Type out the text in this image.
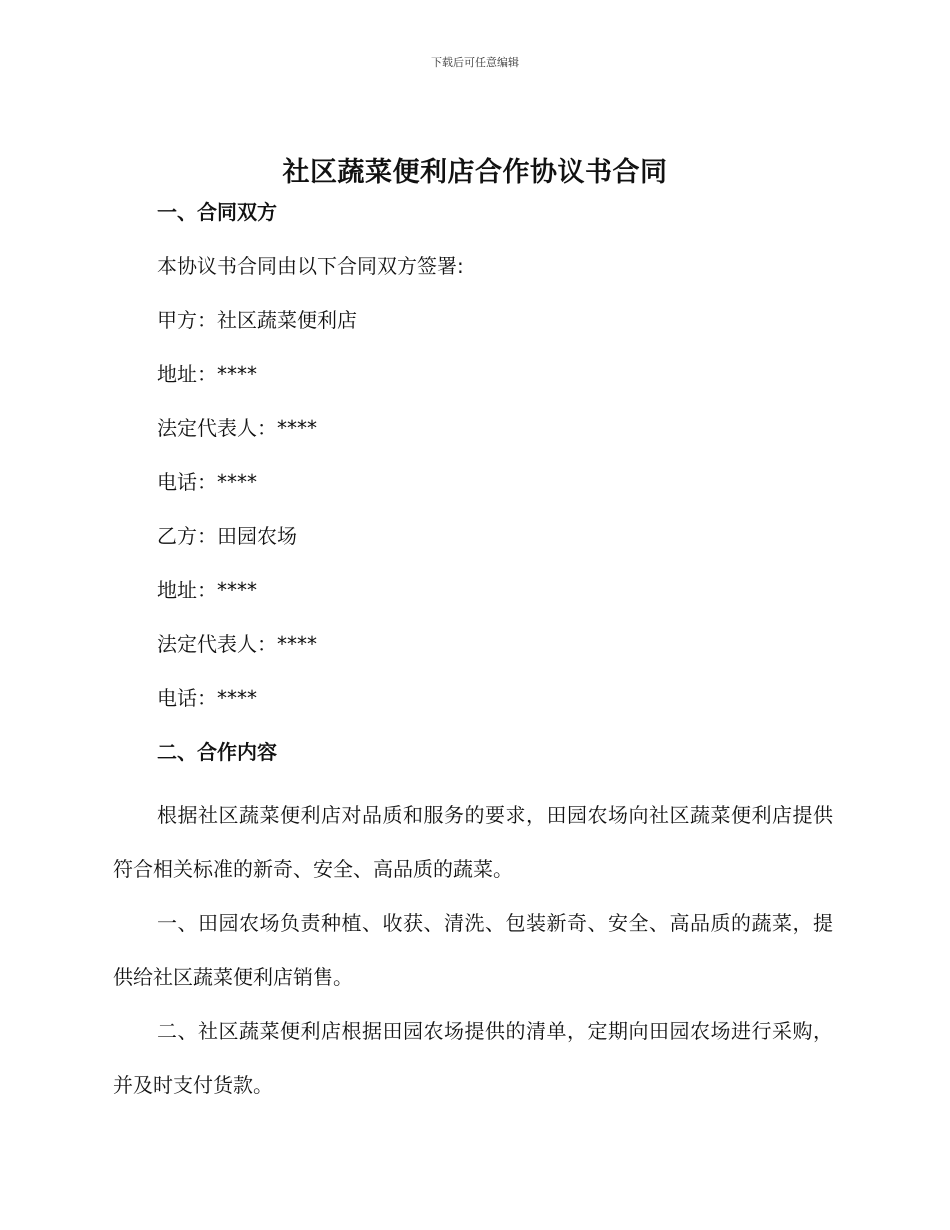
下载后可任意编辑
社区蔬菜便利店合作协议书合同
一、合同双方
本协议书合同由以下合同双方签署:
甲方：社区蔬菜便利店
地址：****
法定代表人：****
电话：****
乙方：田园农场
地址：****
法定代表人：****
电话：****
二、合作内容

根据社区蔬菜便利店对品质和服务的要求，田园农场向社区蔬菜便利店提供符合相关标准的新奇、安全、高品质的蔬菜。

一、田园农场负责种植、收获、清洗、包装新奇、安全、高品质的蔬菜，提供给社区蔬菜便利店销售。

二、社区蔬菜便利店根据田园农场提供的清单，定期向田园农场进行采购，并及时支付货款。
